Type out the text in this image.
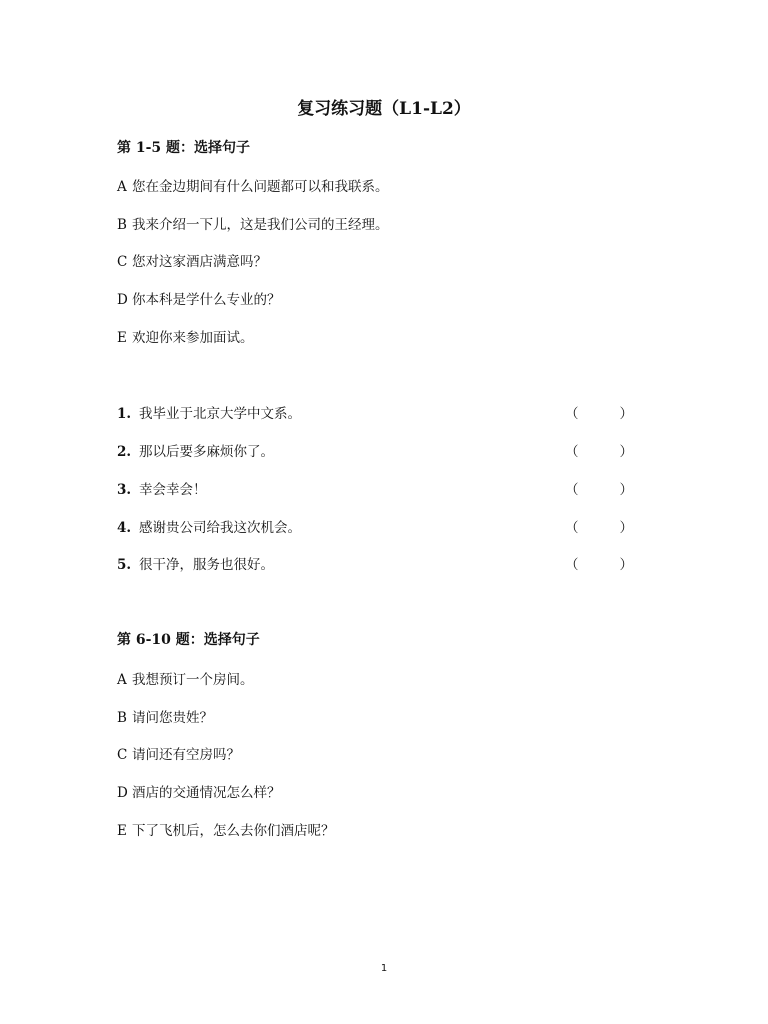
复习练习题（L1-L2）
第 1-5 题：选择句子
A 您在金边期间有什么问题都可以和我联系。
B 我来介绍一下儿，这是我们公司的王经理。
C 您对这家酒店满意吗？
D 你本科是学什么专业的？
E 欢迎你来参加面试。
1. 我毕业于北京大学中文系。	（	）
2. 那以后要多麻烦你了。	（	）
3. 幸会幸会！	（	）
4. 感谢贵公司给我这次机会。	（	）
5. 很干净，服务也很好。	（	）
第 6-10 题：选择句子
A 我想预订一个房间。
B 请问您贵姓？
C 请问还有空房吗？
D 酒店的交通情况怎么样？
E 下了飞机后，怎么去你们酒店呢？
1
